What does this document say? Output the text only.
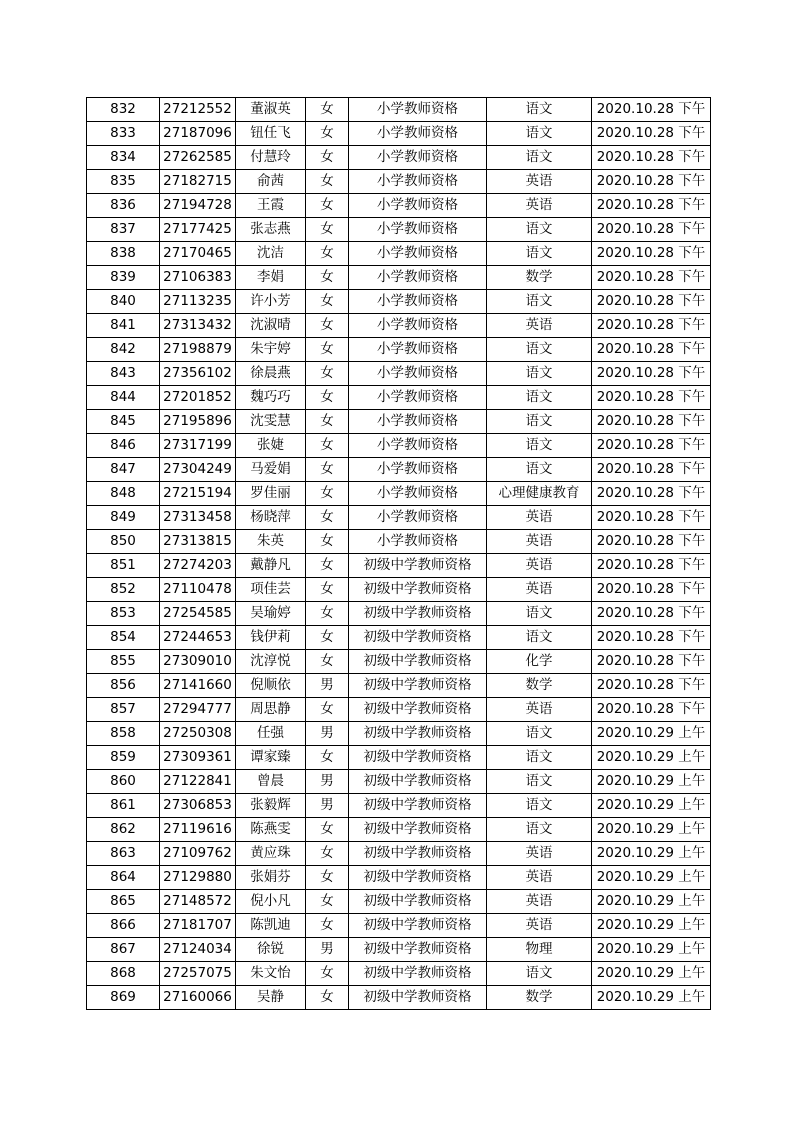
832	27212552	董淑英	女	小学教师资格	语文	2020.10.28 下午
833	27187096	钮任飞	女	小学教师资格	语文	2020.10.28 下午
834	27262585	付慧玲	女	小学教师资格	语文	2020.10.28 下午
835	27182715	俞茜	女	小学教师资格	英语	2020.10.28 下午
836	27194728	王霞	女	小学教师资格	英语	2020.10.28 下午
837	27177425	张志燕	女	小学教师资格	语文	2020.10.28 下午
838	27170465	沈洁	女	小学教师资格	语文	2020.10.28 下午
839	27106383	李娟	女	小学教师资格	数学	2020.10.28 下午
840	27113235	许小芳	女	小学教师资格	语文	2020.10.28 下午
841	27313432	沈淑晴	女	小学教师资格	英语	2020.10.28 下午
842	27198879	朱宇婷	女	小学教师资格	语文	2020.10.28 下午
843	27356102	徐晨燕	女	小学教师资格	语文	2020.10.28 下午
844	27201852	魏巧巧	女	小学教师资格	语文	2020.10.28 下午
845	27195896	沈雯慧	女	小学教师资格	语文	2020.10.28 下午
846	27317199	张婕	女	小学教师资格	语文	2020.10.28 下午
847	27304249	马爱娟	女	小学教师资格	语文	2020.10.28 下午
848	27215194	罗佳丽	女	小学教师资格	心理健康教育	2020.10.28 下午
849	27313458	杨晓萍	女	小学教师资格	英语	2020.10.28 下午
850	27313815	朱英	女	小学教师资格	英语	2020.10.28 下午
851	27274203	戴静凡	女	初级中学教师资格	英语	2020.10.28 下午
852	27110478	项佳芸	女	初级中学教师资格	英语	2020.10.28 下午
853	27254585	吴瑜婷	女	初级中学教师资格	语文	2020.10.28 下午
854	27244653	钱伊莉	女	初级中学教师资格	语文	2020.10.28 下午
855	27309010	沈淳悦	女	初级中学教师资格	化学	2020.10.28 下午
856	27141660	倪顺依	男	初级中学教师资格	数学	2020.10.28 下午
857	27294777	周思静	女	初级中学教师资格	英语	2020.10.28 下午
858	27250308	任强	男	初级中学教师资格	语文	2020.10.29 上午
859	27309361	谭家臻	女	初级中学教师资格	语文	2020.10.29 上午
860	27122841	曾晨	男	初级中学教师资格	语文	2020.10.29 上午
861	27306853	张毅辉	男	初级中学教师资格	语文	2020.10.29 上午
862	27119616	陈燕雯	女	初级中学教师资格	语文	2020.10.29 上午
863	27109762	黄应珠	女	初级中学教师资格	英语	2020.10.29 上午
864	27129880	张娟芬	女	初级中学教师资格	英语	2020.10.29 上午
865	27148572	倪小凡	女	初级中学教师资格	英语	2020.10.29 上午
866	27181707	陈凯迪	女	初级中学教师资格	英语	2020.10.29 上午
867	27124034	徐锐	男	初级中学教师资格	物理	2020.10.29 上午
868	27257075	朱文怡	女	初级中学教师资格	语文	2020.10.29 上午
869	27160066	吴静	女	初级中学教师资格	数学	2020.10.29 上午
